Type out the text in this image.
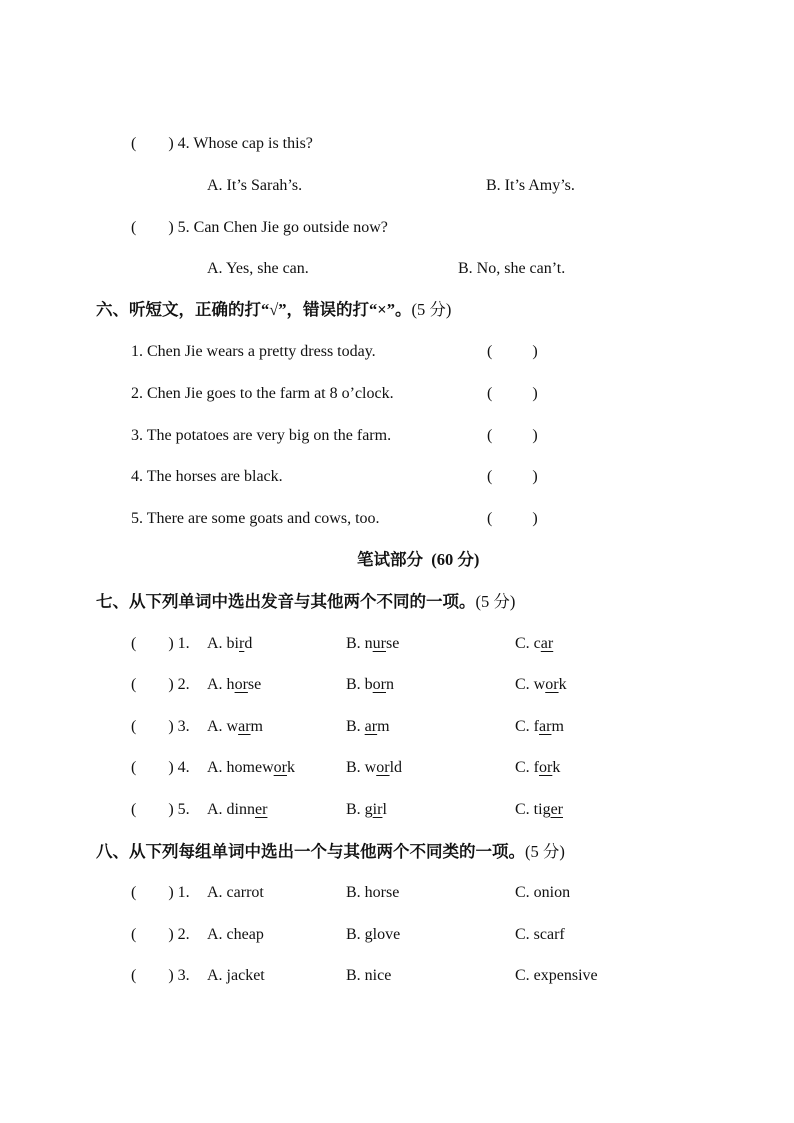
(        ) 4. Whose cap is this?
A. It’s Sarah’s.	B. It’s Amy’s.
(        ) 5. Can Chen Jie go outside now?
A. Yes, she can.	B. No, she can’t.
六、听短文，正确的打“√”，错误的打“×”。(5 分)
1. Chen Jie wears a pretty dress today.	(          )
2. Chen Jie goes to the farm at 8 o’clock.	(          )
3. The potatoes are very big on the farm.	(          )
4. The horses are black.	(          )
5. There are some goats and cows, too.	(          )
笔试部分 (60 分)
七、从下列单词中选出发音与其他两个不同的一项。(5 分)
(        ) 1. A. bird	B. nurse	C. car
(        ) 2. A. horse	B. born	C. work
(        ) 3. A. warm	B. arm	C. farm
(        ) 4. A. homework	B. world	C. fork
(        ) 5. A. dinner	B. girl	C. tiger
八、从下列每组单词中选出一个与其他两个不同类的一项。(5 分)
(        ) 1. A. carrot	B. horse	C. onion
(        ) 2. A. cheap	B. glove	C. scarf
(        ) 3. A. jacket	B. nice	C. expensive
